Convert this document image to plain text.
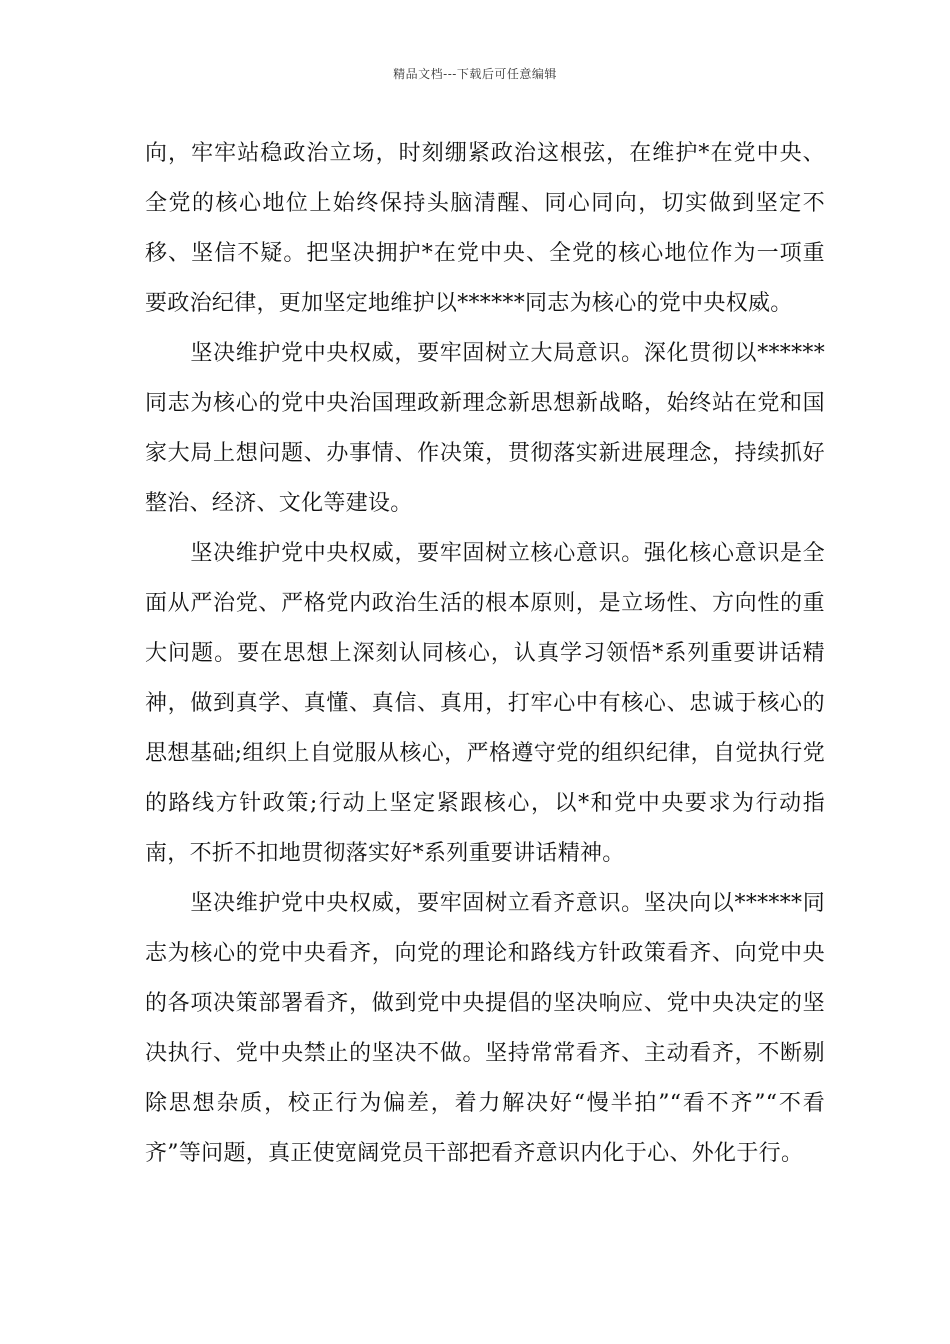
精品文档---下载后可任意编辑

向，牢牢站稳政治立场，时刻绷紧政治这根弦，在维护*在党中央、全党的核心地位上始终保持头脑清醒、同心同向，切实做到坚定不移、坚信不疑。把坚决拥护*在党中央、全党的核心地位作为一项重要政治纪律，更加坚定地维护以******同志为核心的党中央权威。

　　坚决维护党中央权威，要牢固树立大局意识。深化贯彻以******同志为核心的党中央治国理政新理念新思想新战略，始终站在党和国家大局上想问题、办事情、作决策，贯彻落实新进展理念，持续抓好整治、经济、文化等建设。

　　坚决维护党中央权威，要牢固树立核心意识。强化核心意识是全面从严治党、严格党内政治生活的根本原则，是立场性、方向性的重大问题。要在思想上深刻认同核心，认真学习领悟*系列重要讲话精神，做到真学、真懂、真信、真用，打牢心中有核心、忠诚于核心的思想基础;组织上自觉服从核心，严格遵守党的组织纪律，自觉执行党的路线方针政策;行动上坚定紧跟核心，以*和党中央要求为行动指南，不折不扣地贯彻落实好*系列重要讲话精神。

　　坚决维护党中央权威，要牢固树立看齐意识。坚决向以******同志为核心的党中央看齐，向党的理论和路线方针政策看齐、向党中央的各项决策部署看齐，做到党中央提倡的坚决响应、党中央决定的坚决执行、党中央禁止的坚决不做。坚持常常看齐、主动看齐，不断剔除思想杂质，校正行为偏差，着力解决好“慢半拍”“看不齐”“不看齐”等问题，真正使宽阔党员干部把看齐意识内化于心、外化于行。
